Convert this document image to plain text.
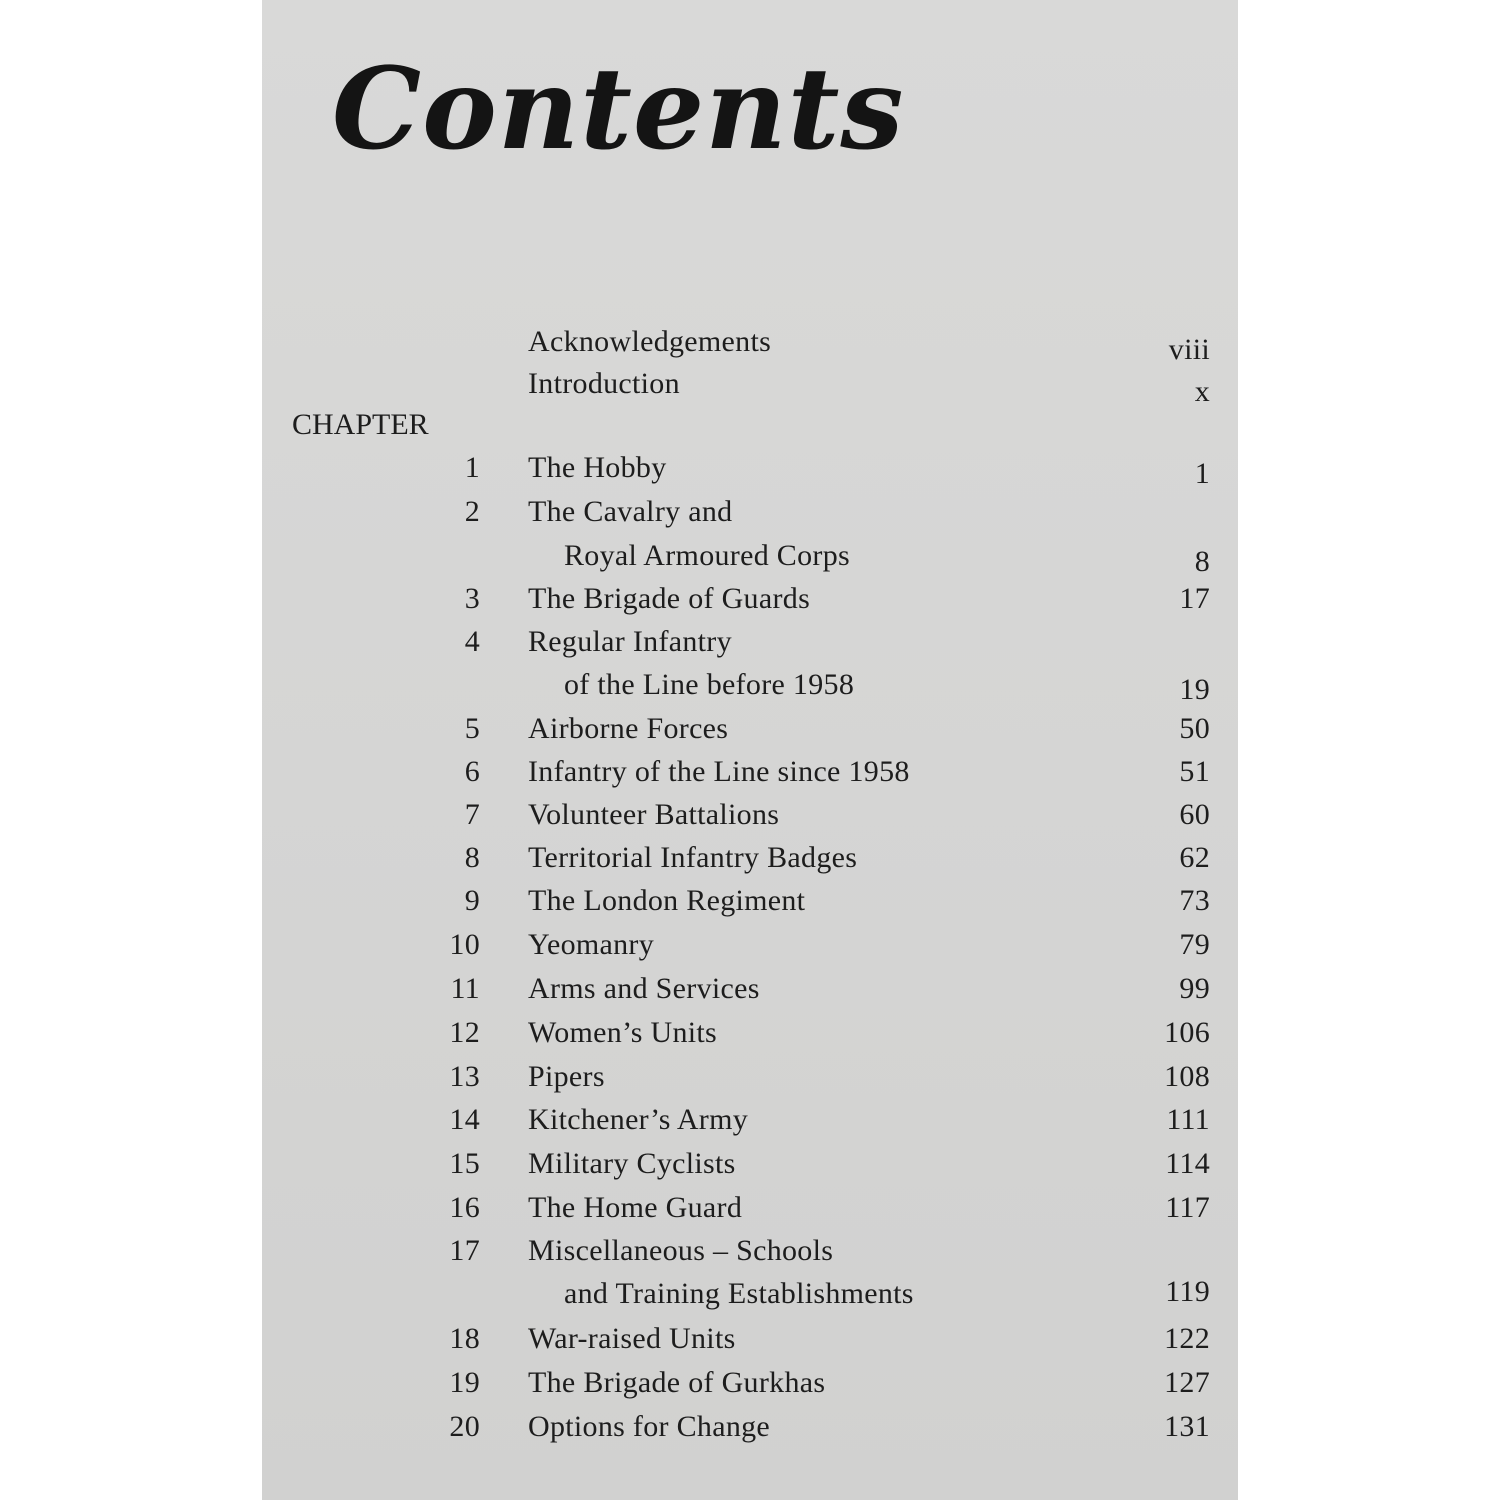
Contents
Acknowledgements	viii
Introduction	x
CHAPTER
1 The Hobby	1
2 The Cavalry and
Royal Armoured Corps	8
3 The Brigade of Guards	17
4 Regular Infantry
of the Line before 1958	19
5 Airborne Forces	50
6 Infantry of the Line since 1958	51
7 Volunteer Battalions	60
8 Territorial Infantry Badges	62
9 The London Regiment	73
10 Yeomanry	79
11 Arms and Services	99
12 Women’s Units	106
13 Pipers	108
14 Kitchener’s Army	111
15 Military Cyclists	114
16 The Home Guard	117
17 Miscellaneous – Schools
and Training Establishments	119
18 War-raised Units	122
19 The Brigade of Gurkhas	127
20 Options for Change	131
